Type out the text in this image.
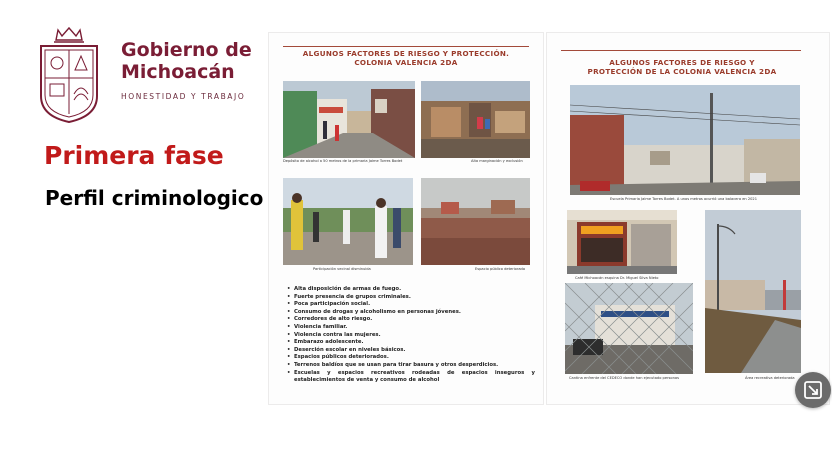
Gobierno de
Michoacán
HONESTIDAD Y TRABAJO
Primera fase
Perfil criminologico
ALGUNOS FACTORES DE RIESGO Y PROTECCIÓN.
COLONIA VALENCIA 2DA
Depósito de alcohol a 50 metros de la primaria Jaime Torres Bodet	Alta marginación y exclusión
Participación vecinal disminuida	Espacio público deteriorado
• Alta disposición de armas de fuego.
• Fuerte presencia de grupos criminales.
• Poca participación social.
• Consumo de drogas y alcoholismo en personas jóvenes.
• Corredores de alto riesgo.
• Violencia familiar.
• Violencia contra las mujeres.
• Embarazo adolescente.
• Deserción escolar en niveles básicos.
• Espacios públicos deteriorados.
• Terrenos baldíos que se usan para tirar basura y otros desperdicios.
• Escuelas y espacios recreativos rodeadas de espacios inseguros y establecimientos de venta y consumo de alcohol
ALGUNOS FACTORES DE RIESGO Y
PROTECCIÓN DE LA COLONIA VALENCIA 2DA
Escuela Primaria Jaime Torres Bodet. A unos metros ocurrió una balacera en 2021
Café Michoacán esquina Dr. Miguel Silva Nieto
Cantina enfrente del CEDECO donde han ejecutado personas	Área recreativa deteriorada
